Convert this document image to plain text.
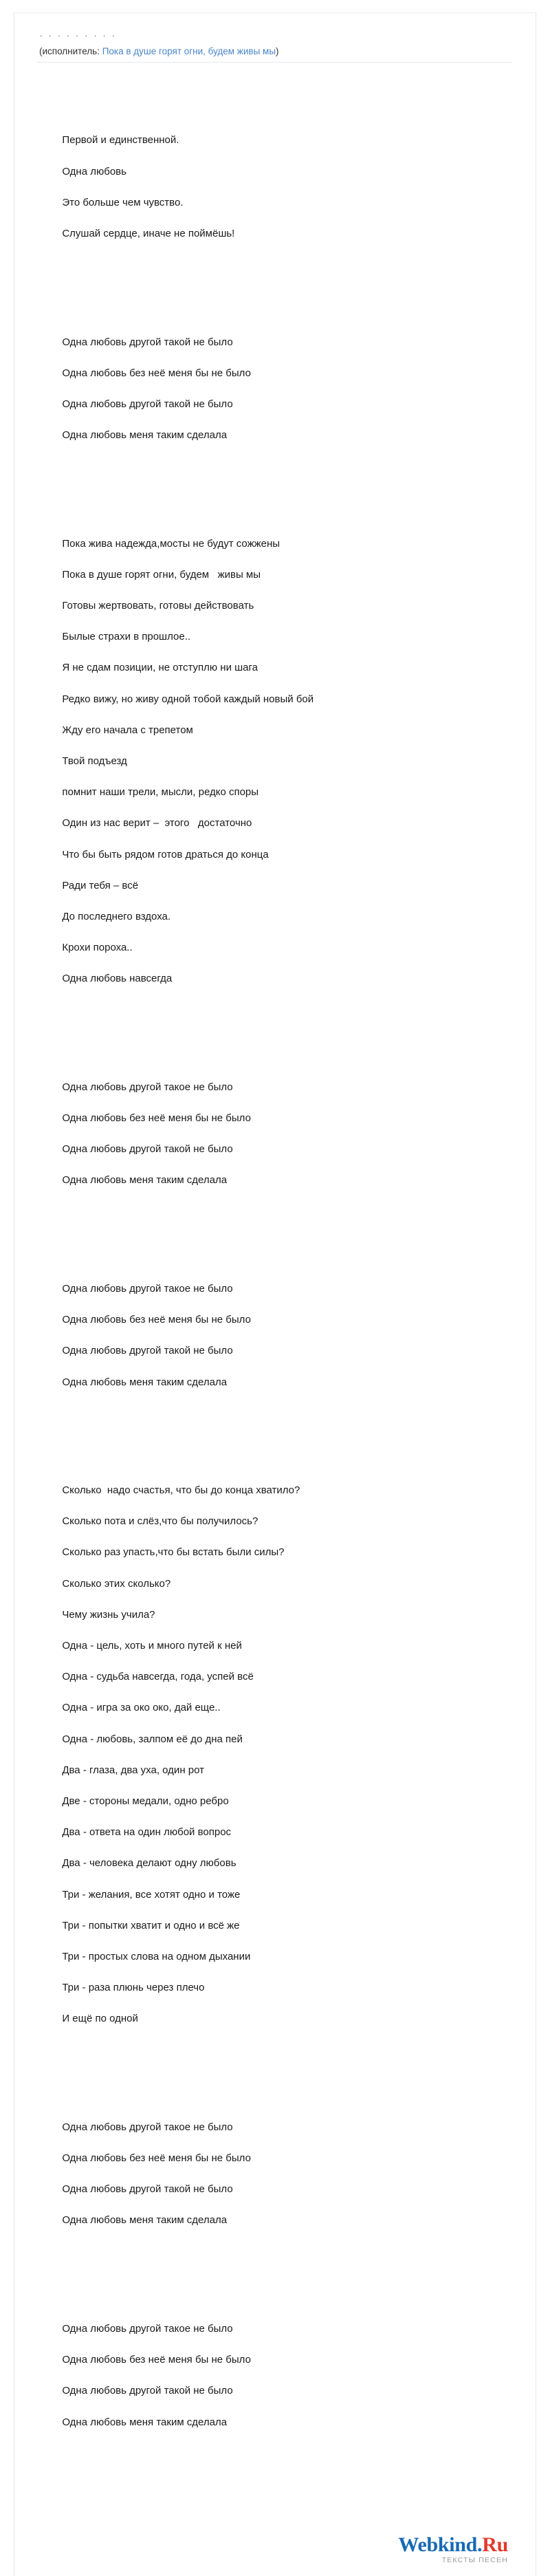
· · · · · · · · ·
(исполнитель: Пока в душе горят огни, будем живы мы)

Первой и единственной.

Одна любовь

Это больше чем чувство.

Слушай сердце, иначе не поймёшь!

Одна любовь другой такой не было

Одна любовь без неё меня бы не было

Одна любовь другой такой не было

Одна любовь меня таким сделала

Пока жива надежда,мосты не будут сожжены

Пока в душе горят огни, будем   живы мы

Готовы жертвовать, готовы действовать

Былые страхи в прошлое..

Я не сдам позиции, не отступлю ни шага

Редко вижу, но живу одной тобой каждый новый бой

Жду его начала с трепетом

Твой подъезд

помнит наши трели, мысли, редко споры

Один из нас верит –  этого   достаточно

Что бы быть рядом готов драться до конца

Ради тебя – всё

До последнего вздоха.

Крохи пороха..

Одна любовь навсегда

Одна любовь другой такое не было

Одна любовь без неё меня бы не было

Одна любовь другой такой не было

Одна любовь меня таким сделала

Одна любовь другой такое не было

Одна любовь без неё меня бы не было

Одна любовь другой такой не было

Одна любовь меня таким сделала

Сколько  надо счастья, что бы до конца хватило?

Сколько пота и слёз,что бы получилось?

Сколько раз упасть,что бы встать были силы?

Сколько этих сколько?

Чему жизнь учила?

Одна - цель, хоть и много путей к ней

Одна - судьба навсегда, года, успей всё

Одна - игра за око око, дай еще..

Одна - любовь, залпом её до дна пей

Два - глаза, два уха, один рот

Две - стороны медали, одно ребро

Два - ответа на один любой вопрос

Два - человека делают одну любовь

Три - желания, все хотят одно и тоже

Три - попытки хватит и одно и всё же

Три - простых слова на одном дыхании

Три - раза плюнь через плечо

И ещё по одной

Одна любовь другой такое не было

Одна любовь без неё меня бы не было

Одна любовь другой такой не было

Одна любовь меня таким сделала

Одна любовь другой такое не было

Одна любовь без неё меня бы не было

Одна любовь другой такой не было

Одна любовь меня таким сделала

Webkind.Ru
ТЕКСТЫ ПЕСЕН
